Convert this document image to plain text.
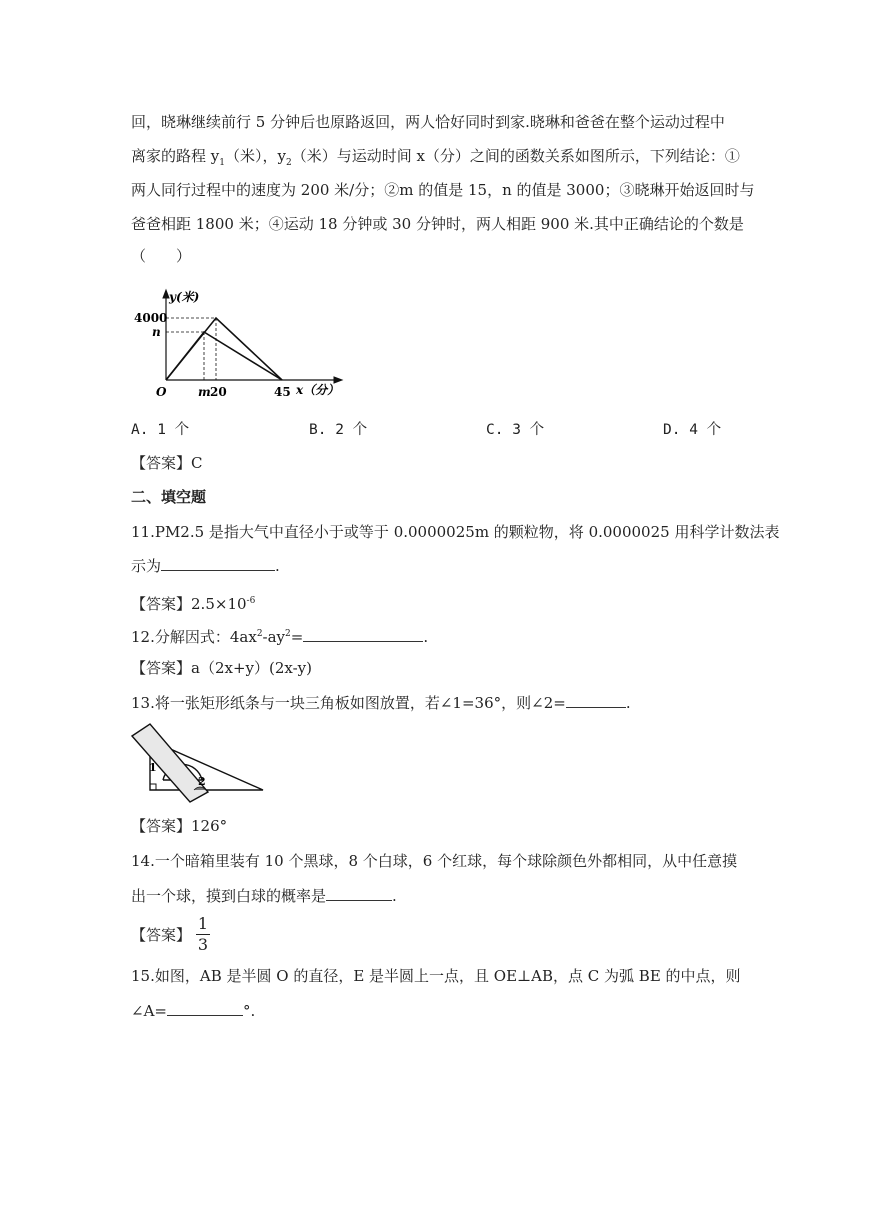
回，晓琳继续前行 5 分钟后也原路返回，两人恰好同时到家.晓琳和爸爸在整个运动过程中
离家的路程 $y_1$（米），$y_2$（米）与运动时间 x（分）之间的函数关系如图所示，下列结论：①
两人同行过程中的速度为 200 米/分；②m 的值是 15，n 的值是 3000；③晓琳开始返回时与
爸爸相距 1800 米；④运动 18 分钟或 30 分钟时，两人相距 900 米.其中正确结论的个数是
（　　）
y(米)
4000
n
O	m 20	45 x（分）
A. 1 个	B. 2 个	C. 3 个	D. 4 个
【答案】C
二、填空题
11.PM2.5 是指大气中直径小于或等于 0.0000025m 的颗粒物，将 0.0000025 用科学计数法表
示为	.
【答案】$2.5\times 10^{-6}$
12.分解因式：$4ax^2-ay^2=$	.
【答案】a（2x+y）(2x-y)
13.将一张矩形纸条与一块三角板如图放置，若∠1=36°，则∠2=	.
1
2
【答案】126°
14.一个暗箱里装有 10 个黑球，8 个白球，6 个红球，每个球除颜色外都相同，从中任意摸
出一个球，摸到白球的概率是	.
【答案】
1
3
15.如图，AB 是半圆 O 的直径，E 是半圆上一点，且 OE⊥AB，点 C 为弧 BE 的中点，则
∠A=	°.
